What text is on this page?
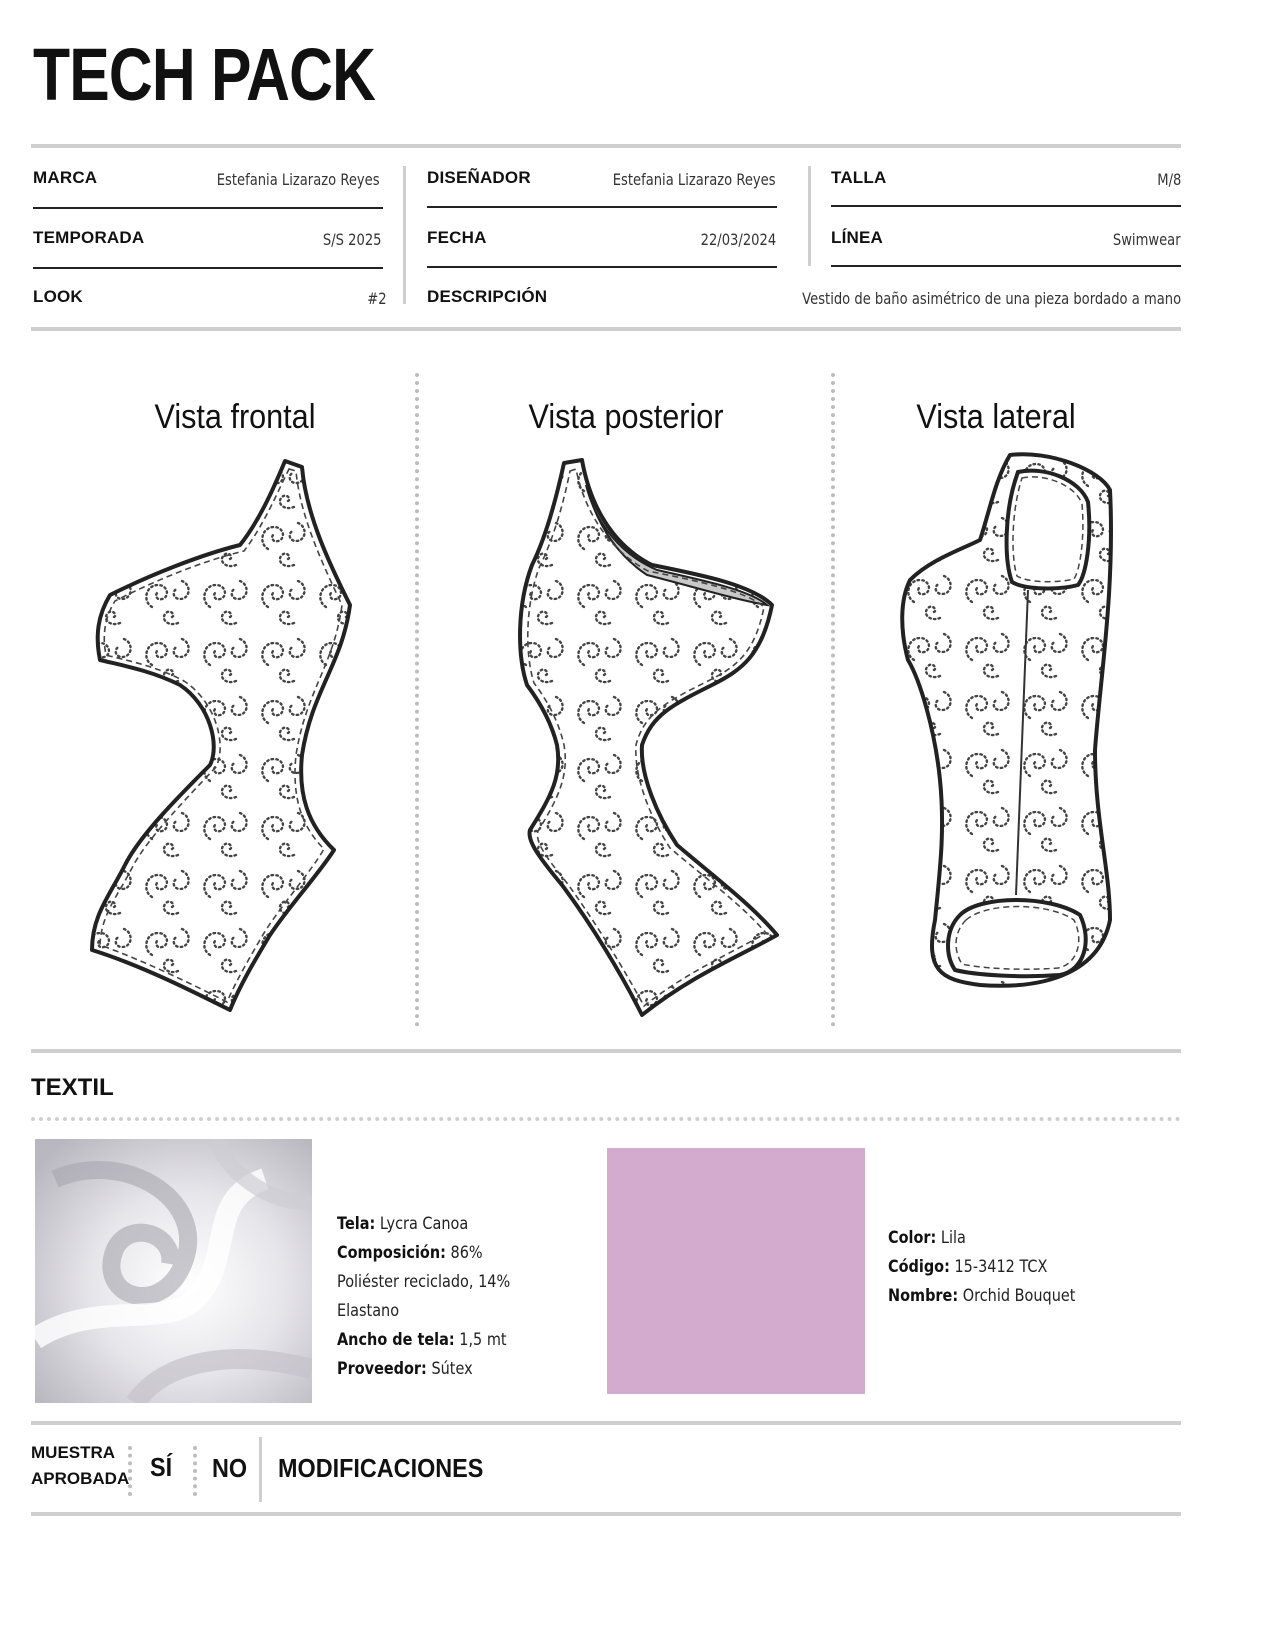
TECH PACK
MARCA	Estefania Lizarazo Reyes
TEMPORADA	S/S 2025
LOOK	#2
DISEÑADOR	Estefania Lizarazo Reyes
FECHA	22/03/2024
DESCRIPCIÓN	Vestido de baño asimétrico de una pieza bordado a mano
TALLA	M/8
LÍNEA	Swimwear
Vista frontal	Vista posterior	Vista lateral
TEXTIL
Tela: Lycra Canoa
Composición: 86% Poliéster reciclado, 14% Elastano
Ancho de tela: 1,5 mt
Proveedor: Sútex
Color: Lila
Código: 15-3412 TCX
Nombre: Orchid Bouquet
MUESTRA
APROBADA SÍ NO MODIFICACIONES
